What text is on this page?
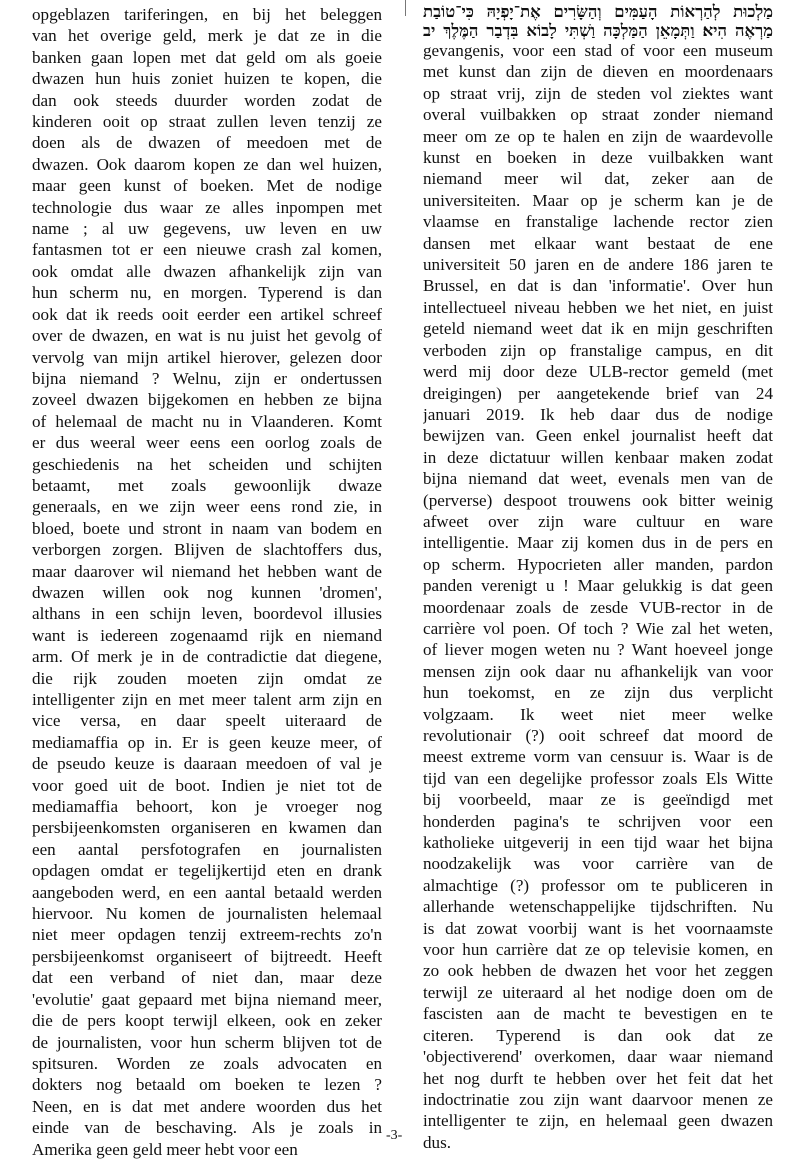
opgeblazen tariferingen, en bij het beleggen
van het overige geld, merk je dat ze in die
banken gaan lopen met dat geld om als goeie
dwazen hun huis zoniet huizen te kopen, die
dan ook steeds duurder worden zodat de
kinderen ooit op straat zullen leven tenzij ze
doen als de dwazen of meedoen met de
dwazen. Ook daarom kopen ze dan wel huizen,
maar geen kunst of boeken. Met de nodige
technologie dus waar ze alles inpompen met
name ; al uw gegevens, uw leven en uw
fantasmen tot er een nieuwe crash zal komen,
ook omdat alle dwazen afhankelijk zijn van
hun scherm nu, en morgen. Typerend is dan
ook dat ik reeds ooit eerder een artikel schreef
over de dwazen, en wat is nu juist het gevolg of
vervolg van mijn artikel hierover, gelezen door
bijna niemand ? Welnu, zijn er ondertussen
zoveel dwazen bijgekomen en hebben ze bijna
of helemaal de macht nu in Vlaanderen. Komt
er dus weeral weer eens een oorlog zoals de
geschiedenis na het scheiden und schijten
betaamt, met zoals gewoonlijk dwaze
generaals, en we zijn weer eens rond zie, in
bloed, boete und stront in naam van bodem en
verborgen zorgen. Blijven de slachtoffers dus,
maar daarover wil niemand het hebben want de
dwazen willen ook nog kunnen 'dromen',
althans in een schijn leven, boordevol illusies
want is iedereen zogenaamd rijk en niemand
arm. Of merk je in de contradictie dat diegene,
die rijk zouden moeten zijn omdat ze
intelligenter zijn en met meer talent arm zijn en
vice versa, en daar speelt uiteraard de
mediamaffia op in. Er is geen keuze meer, of
de pseudo keuze is daaraan meedoen of val je
voor goed uit de boot. Indien je niet tot de
mediamaffia behoort, kon je vroeger nog
persbijeenkomsten organiseren en kwamen dan
een aantal persfotografen en journalisten
opdagen omdat er tegelijkertijd eten en drank
aangeboden werd, en een aantal betaald werden
hiervoor. Nu komen de journalisten helemaal
niet meer opdagen tenzij extreem-rechts zo'n
persbijeenkomst organiseert of bijtreedt. Heeft
dat een verband of niet dan, maar deze
'evolutie' gaat gepaard met bijna niemand meer,
die de pers koopt terwijl elkeen, ook en zeker
de journalisten, voor hun scherm blijven tot de
spitsuren. Worden ze zoals advocaten en
dokters nog betaald om boeken te lezen ?
Neen, en is dat met andere woorden dus het
einde van de beschaving. Als je zoals in
Amerika geen geld meer hebt voor een
מַלְכוּת לְהַרְאוֹת הָעַמִּים וְהַשָּׂרִים אֶת־יָפְיָהּ כִּי־טוֹבַת
מַרְאֶה הִיא׃ וַתְּמָאֵן הַמַּלְכָּה וַשְׁתִּי לָבוֹא בִּדְבַר הַמֶּלֶךְ יב
gevangenis, voor een stad of voor een museum
met kunst dan zijn de dieven en moordenaars
op straat vrij, zijn de steden vol ziektes want
overal vuilbakken op straat zonder niemand
meer om ze op te halen en zijn de waardevolle
kunst en boeken in deze vuilbakken want
niemand meer wil dat, zeker aan de
universiteiten. Maar op je scherm kan je de
vlaamse en franstalige lachende rector zien
dansen met elkaar want bestaat de ene
universiteit 50 jaren en de andere 186 jaren te
Brussel, en dat is dan 'informatie'. Over hun
intellectueel niveau hebben we het niet, en juist
geteld niemand weet dat ik en mijn geschriften
verboden zijn op franstalige campus, en dit
werd mij door deze ULB-rector gemeld (met
dreigingen) per aangetekende brief van 24
januari 2019. Ik heb daar dus de nodige
bewijzen van. Geen enkel journalist heeft dat
in deze dictatuur willen kenbaar maken zodat
bijna niemand dat weet, evenals men van de
(perverse) despoot trouwens ook bitter weinig
afweet over zijn ware cultuur en ware
intelligentie. Maar zij komen dus in de pers en
op scherm. Hypocrieten aller manden, pardon
panden verenigt u ! Maar gelukkig is dat geen
moordenaar zoals de zesde VUB-rector in de
carrière vol poen. Of toch ? Wie zal het weten,
of liever mogen weten nu ? Want hoeveel jonge
mensen zijn ook daar nu afhankelijk van voor
hun toekomst, en ze zijn dus verplicht
volgzaam. Ik weet niet meer welke
revolutionair (?) ooit schreef dat moord de
meest extreme vorm van censuur is. Waar is de
tijd van een degelijke professor zoals Els Witte
bij voorbeeld, maar ze is geeïndigd met
honderden pagina's te schrijven voor een
katholieke uitgeverij in een tijd waar het bijna
noodzakelijk was voor carrière van de
almachtige (?) professor om te publiceren in
allerhande wetenschappelijke tijdschriften. Nu
is dat zowat voorbij want is het voornaamste
voor hun carrière dat ze op televisie komen, en
zo ook hebben de dwazen het voor het zeggen
terwijl ze uiteraard al het nodige doen om de
fascisten aan de macht te bevestigen en te
citeren. Typerend is dan ook dat ze
'objectiverend' overkomen, daar waar niemand
het nog durft te hebben over het feit dat het
indoctrinatie zou zijn want daarvoor menen ze
intelligenter te zijn, en helemaal geen dwazen
dus.
-3-
